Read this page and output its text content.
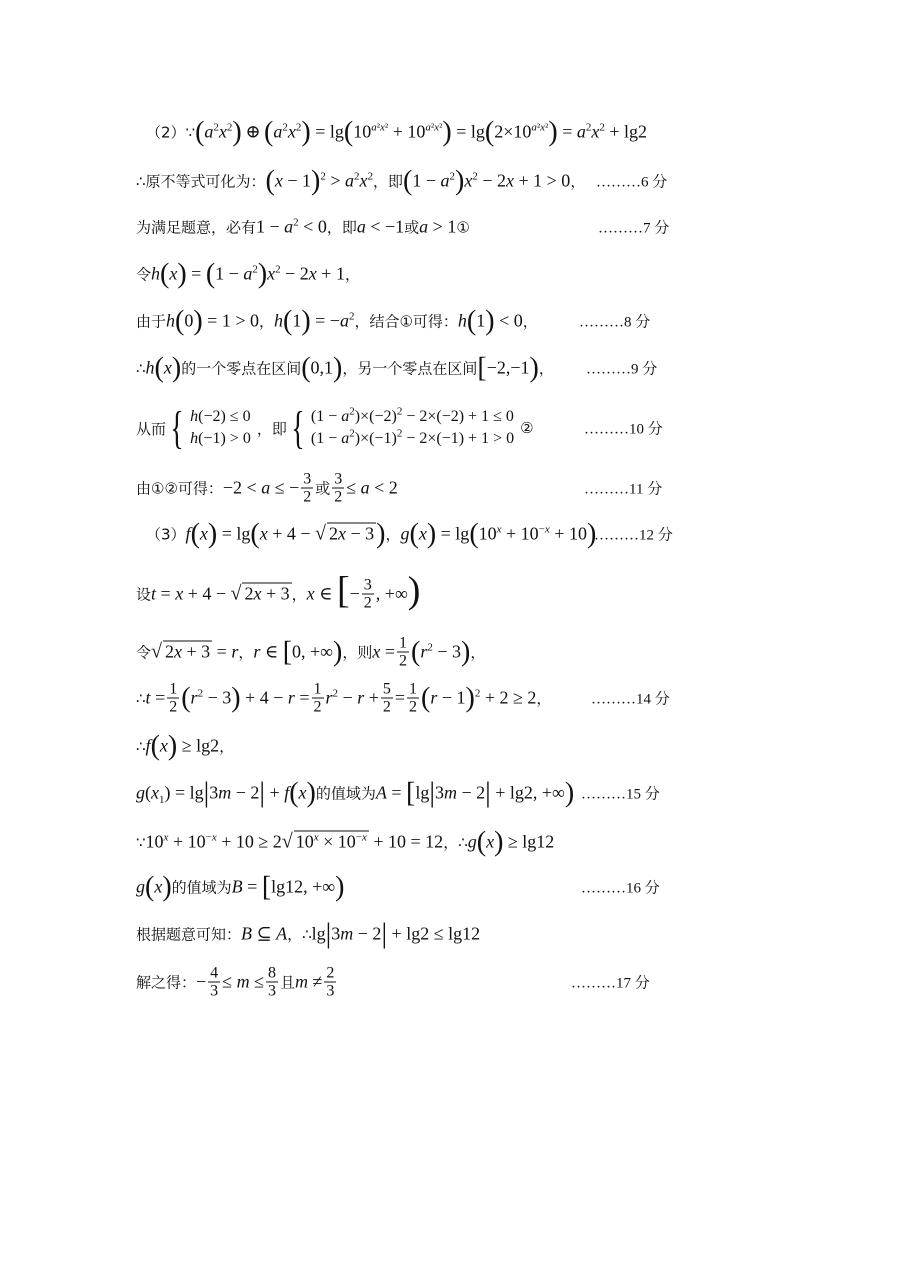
（2）∵ $(a^2x^2)$ ⊕ $(a^2x^2) = \lg(10^{a^2x^2} + 10^{a^2x^2}) = \lg(2\times 10^{a^2x^2}) = a^2x^2 + \lg 2$
∴原不等式可化为： $(x - 1)^2 > a^2x^2$ ，即 $(1 - a^2)x^2 - 2x + 1 > 0$ ， ………6 分
为满足题意，必有 $1 - a^2 < 0$ ，即 a < −1 或 a > 1 ①	………7 分
令 $h(x) = (1 - a^2)x^2 - 2x + 1$ ，
由于 h(0) = 1 > 0 ， $h(1) = -a^2$ ，结合①可得： h(1) < 0 ，	………8 分
∴ h(x) 的一个零点在区间 (0,1) ，另一个零点在区间 [−2,−1) ， ………9 分
从而 { h(−2) ≤ 0
h(−1) > 0
，即 { $(1 - a^2)\times(-2)^2 - 2\times(-2) + 1 \le 0$
$(1 - a^2)\times(-1)^2 - 2\times(-1) + 1 > 0$
②	………10 分
由①②可得： −2 < a ≤ − $\frac{3}{2}$ 或 $\frac{3}{2} \le a < 2$	………11 分
（3） f(x) = lg(x + 4 − √ 2x − 3) ， $g(x) = \lg(10^x + 10^{-x} + 10)$
………12 分
设 t = x + 4 − √ 2x + 3 ， x ∈ [− $\frac{3}{2}$ , +∞)
令 √ 2x + 3 = r ， r ∈ [0, +∞) ，则 $x = \frac{1}{2} (r^2 - 3)$ ，
∴ $t = \frac{1}{2} (r^2 - 3) + 4 - r = \frac{1}{2} r^2 - r + \frac{5}{2} = \frac{1}{2} (r - 1)^2 + 2 \ge 2$ ，	………14 分
∴ f(x) ≥ lg2 ，
$g(x_1) = \lg|3m - 2| + f(x)$ 的值域为 A = [lg|3m − 2| + lg2, +∞) ………15 分
∵ $10^x + 10^{-x} + 10 \ge 2√$ $10^x \times 10^{-x} + 10 = 12$ ，∴ g(x) ≥ lg12
g(x) 的值域为 B = [lg12, +∞)	………16 分
根据题意可知： B ⊆ A ，∴ lg|3m − 2| + lg2 ≤ lg12
解之得： − $\frac{4}{3} \le m \le \frac{8}{3}$ 且 $m \ne \frac{2}{3}$	………17 分
